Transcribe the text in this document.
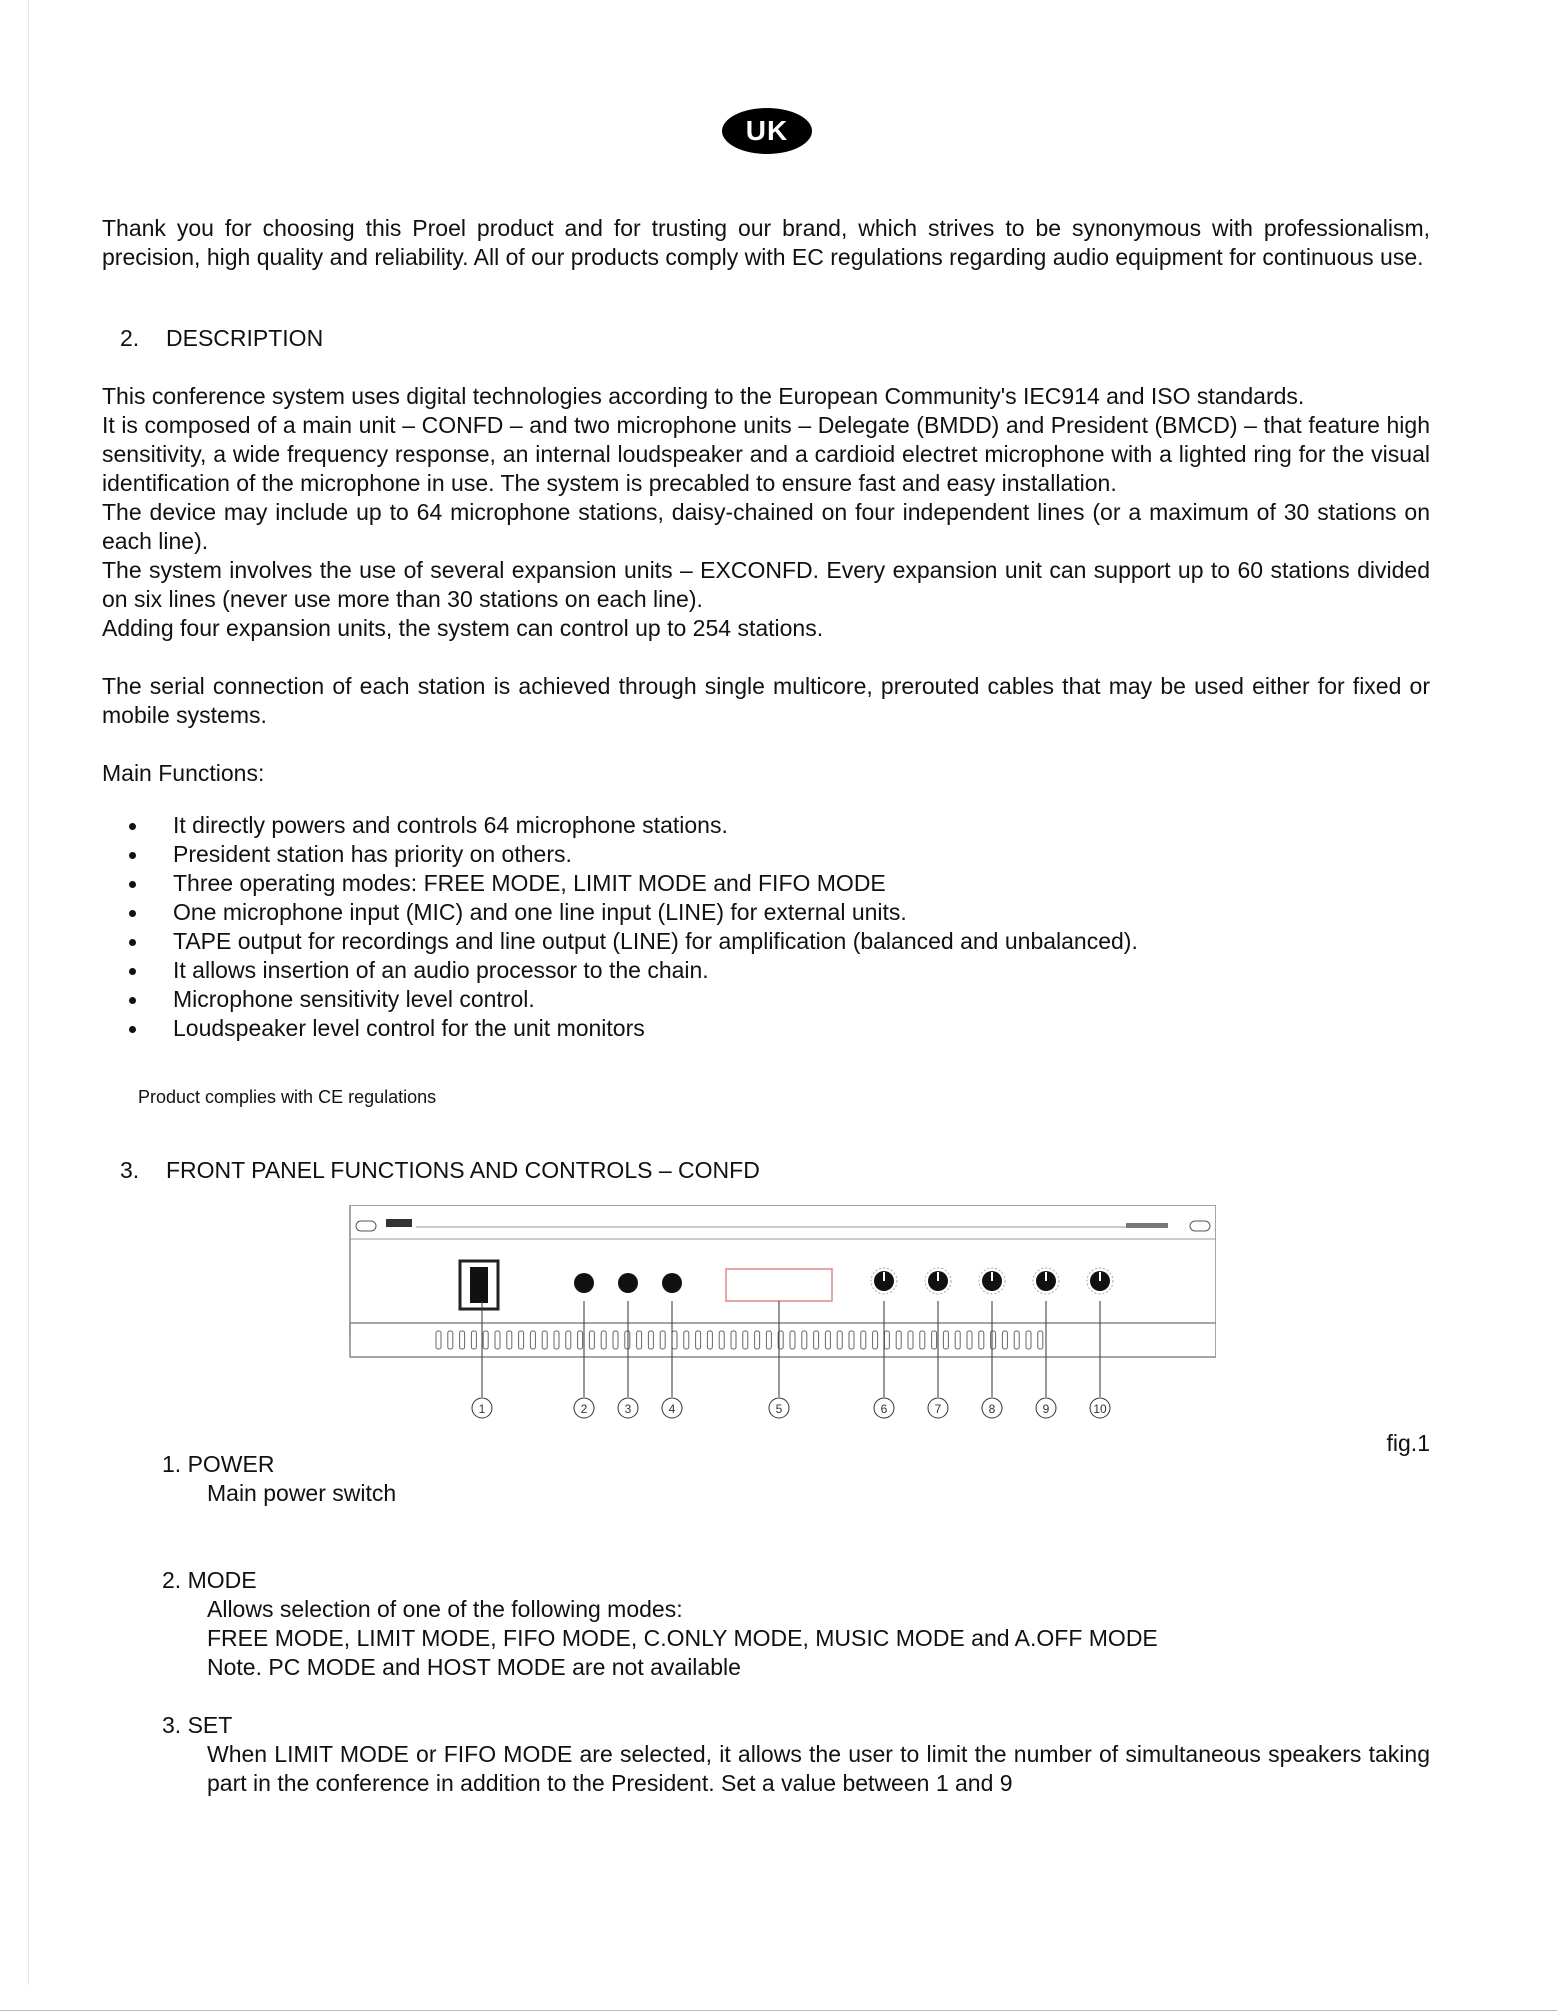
UK

Thank you for choosing this Proel product and for trusting our brand, which strives to be synonymous with professionalism, precision, high quality and reliability. All of our products comply with EC regulations regarding audio equipment for continuous use.

2. DESCRIPTION

This conference system uses digital technologies according to the European Community's IEC914 and ISO standards.

It is composed of a main unit – CONFD – and two microphone units – Delegate (BMDD) and President (BMCD) – that feature high sensitivity, a wide frequency response, an internal loudspeaker and a cardioid electret microphone with a lighted ring for the visual identification of the microphone in use. The system is precabled to ensure fast and easy installation.

The device may include up to 64 microphone stations, daisy-chained on four independent lines (or a maximum of 30 stations on each line).

The system involves the use of several expansion units – EXCONFD. Every expansion unit can support up to 60 stations divided on six lines (never use more than 30 stations on each line).

Adding four expansion units, the system can control up to 254 stations.

The serial connection of each station is achieved through single multicore, prerouted cables that may be used either for fixed or mobile systems.

Main Functions:

It directly powers and controls 64 microphone stations.
President station has priority on others.
Three operating modes: FREE MODE, LIMIT MODE and FIFO MODE
One microphone input (MIC) and one line input (LINE) for external units.
TAPE output for recordings and line output (LINE) for amplification (balanced and unbalanced).
It allows insertion of an audio processor to the chain.
Microphone sensitivity level control.
Loudspeaker level control for the unit monitors

Product complies with CE regulations

3. FRONT PANEL FUNCTIONS AND CONTROLS – CONFD

1	2	3	4	5	6	7	8	9	10
fig.1

1. POWER

Main power switch

2. MODE

Allows selection of one of the following modes:

FREE MODE, LIMIT MODE, FIFO MODE, C.ONLY MODE, MUSIC MODE and A.OFF MODE

Note. PC MODE and HOST MODE are not available

3. SET

When LIMIT MODE or FIFO MODE are selected, it allows the user to limit the number of simultaneous speakers taking part in the conference in addition to the President. Set a value between 1 and 9
